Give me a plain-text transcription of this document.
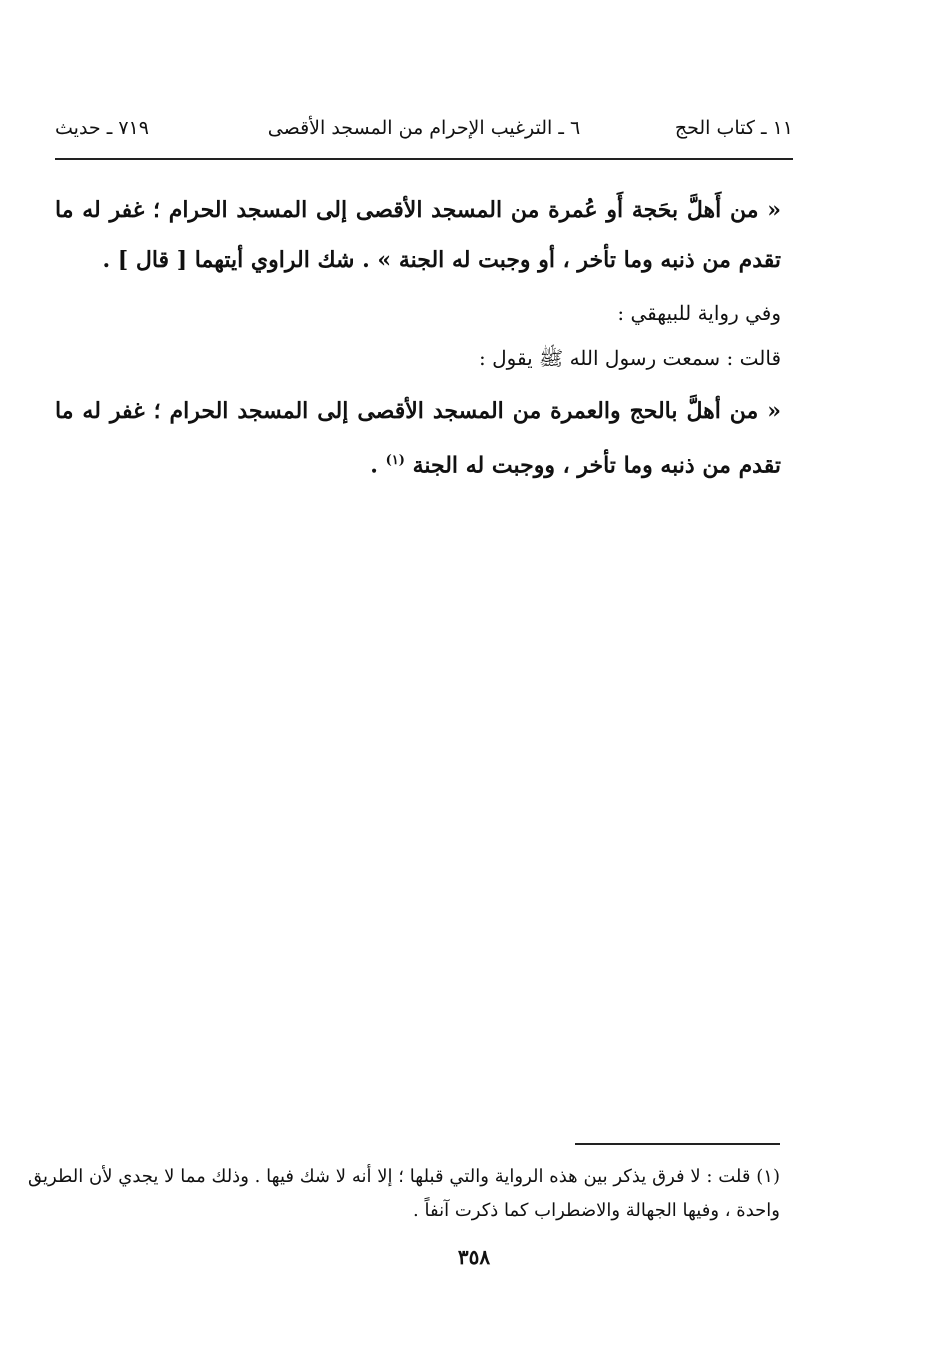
١١ ـ كتاب الحج
٦ ـ الترغيب الإحرام من المسجد الأقصى
٧١٩ ـ حديث
« من أَهلَّ بحَجة أَو عُمرة من المسجد الأقصى إلى المسجد الحرام ؛ غفر له ما تقدم من ذنبه وما تأخر ، أو وجبت له الجنة » . شك الراوي أيتهما [ قال ] .
وفي رواية للبيهقي :
قالت : سمعت رسول الله ﷺ يقول :
« من أهلَّ بالحج والعمرة من المسجد الأقصى إلى المسجد الحرام ؛ غفر له ما تقدم من ذنبه وما تأخر ، ووجبت له الجنة $^{(١)}$ .
(١) قلت : لا فرق يذكر بين هذه الرواية والتي قبلها ؛ إلا أنه لا شك فيها . وذلك مما لا يجدي لأن الطريق واحدة ، وفيها الجهالة والاضطراب كما ذكرت آنفاً .
٣٥٨
